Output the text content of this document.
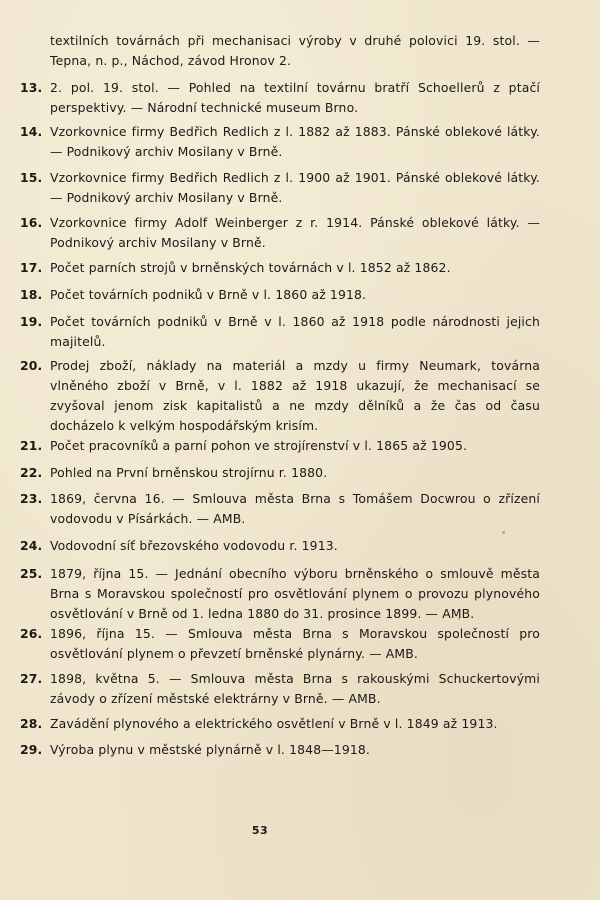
textilních továrnách při mechanisaci výroby v druhé polovici 19. stol. — Tepna, n. p., Náchod, závod Hronov 2.
13. 2. pol. 19. stol. — Pohled na textilní továrnu bratří Schoellerů z ptačí perspektivy. — Národní technické museum Brno.
14. Vzorkovnice firmy Bedřich Redlich z l. 1882 až 1883. Pánské oblekové látky. — Podnikový archiv Mosilany v Brně.
15. Vzorkovnice firmy Bedřich Redlich z l. 1900 až 1901. Pánské oblekové látky. — Podnikový archiv Mosilany v Brně.
16. Vzorkovnice firmy Adolf Weinberger z r. 1914. Pánské oblekové látky. — Podnikový archiv Mosilany v Brně.
17. Počet parních strojů v brněnských továrnách v l. 1852 až 1862.
18. Počet továrních podniků v Brně v l. 1860 až 1918.
19. Počet továrních podniků v Brně v l. 1860 až 1918 podle národnosti jejich majitelů.
20. Prodej zboží, náklady na materiál a mzdy u firmy Neumark, továrna vlněného zboží v Brně, v l. 1882 až 1918 ukazují, že mechanisací se zvyšoval jenom zisk kapitalistů a ne mzdy dělníků a že čas od času docházelo k velkým hospodářským krisím.
21. Počet pracovníků a parní pohon ve strojírenství v l. 1865 až 1905.
22. Pohled na První brněnskou strojírnu r. 1880.
23. 1869, června 16. — Smlouva města Brna s Tomášem Docwrou o zřízení vodovodu v Písárkách. — AMB.
24. Vodovodní síť březovského vodovodu r. 1913.
25. 1879, října 15. — Jednání obecního výboru brněnského o smlouvě města Brna s Moravskou společností pro osvětlování plynem o provozu plynového osvětlování v Brně od 1. ledna 1880 do 31. prosince 1899. — AMB.
26. 1896, října 15. — Smlouva města Brna s Moravskou společností pro osvětlování plynem o převzetí brněnské plynárny. — AMB.
27. 1898, května 5. — Smlouva města Brna s rakouskými Schuckertovými závody o zřízení městské elektrárny v Brně. — AMB.
28. Zavádění plynového a elektrického osvětlení v Brně v l. 1849 až 1913.
29. Výroba plynu v městské plynárně v l. 1848—1918.
53
